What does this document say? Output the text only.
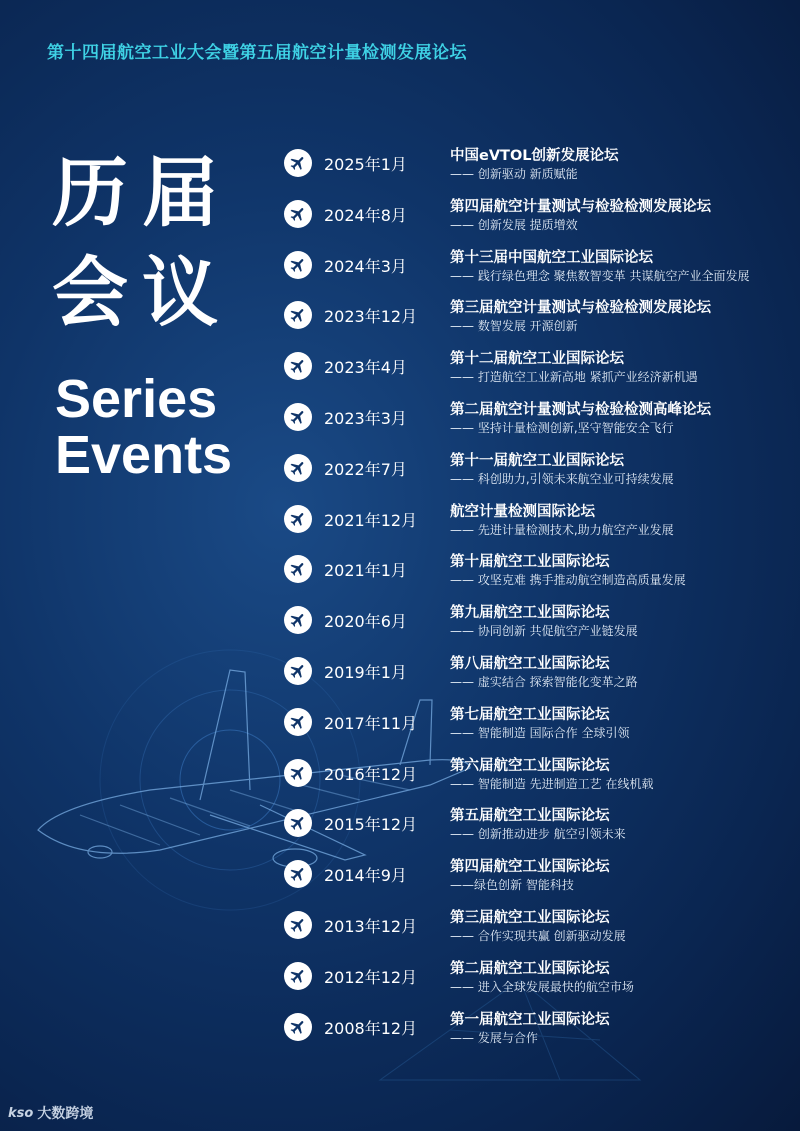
第十四届航空工业大会暨第五届航空计量检测发展论坛
历届
会议
Series
Events
2025年1月	中国eVTOL创新发展论坛
—— 创新驱动 新质赋能
2024年8月	第四届航空计量测试与检验检测发展论坛
—— 创新发展 提质增效
2024年3月	第十三届中国航空工业国际论坛
—— 践行绿色理念 聚焦数智变革 共谋航空产业全面发展
2023年12月 第三届航空计量测试与检验检测发展论坛
—— 数智发展 开源创新
2023年4月	第十二届航空工业国际论坛
—— 打造航空工业新高地 紧抓产业经济新机遇
2023年3月	第二届航空计量测试与检验检测高峰论坛
—— 坚持计量检测创新,坚守智能安全飞行
2022年7月	第十一届航空工业国际论坛
—— 科创助力,引领未来航空业可持续发展
2021年12月 航空计量检测国际论坛
—— 先进计量检测技术,助力航空产业发展
2021年1月	第十届航空工业国际论坛
—— 攻坚克难 携手推动航空制造高质量发展
2020年6月	第九届航空工业国际论坛
—— 协同创新 共促航空产业链发展
2019年1月	第八届航空工业国际论坛
—— 虚实结合 探索智能化变革之路
2017年11月 第七届航空工业国际论坛
—— 智能制造 国际合作 全球引领
2016年12月 第六届航空工业国际论坛
—— 智能制造 先进制造工艺 在线机载
2015年12月 第五届航空工业国际论坛
—— 创新推动进步 航空引领未来
2014年9月	第四届航空工业国际论坛
——绿色创新 智能科技
2013年12月 第三届航空工业国际论坛
—— 合作实现共赢 创新驱动发展
2012年12月 第二届航空工业国际论坛
—— 进入全球发展最快的航空市场
2008年12月 第一届航空工业国际论坛
—— 发展与合作
kso 大数跨境
